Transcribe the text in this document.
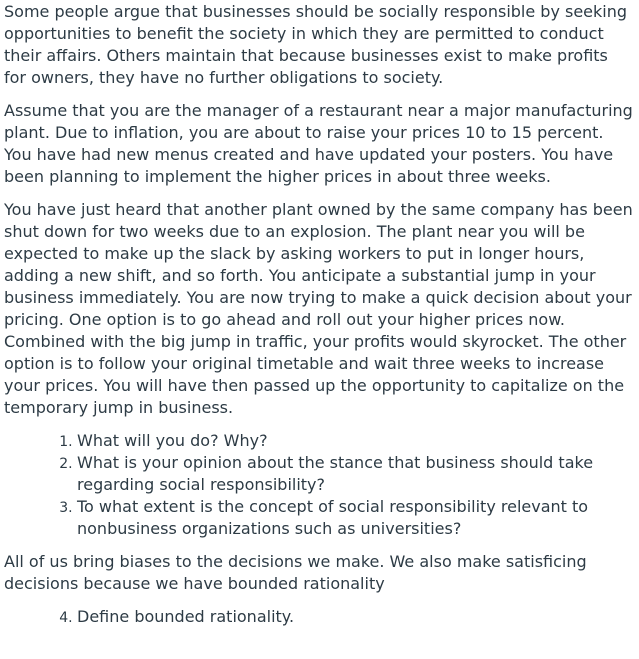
Some people argue that businesses should be socially responsible by seeking opportunities to benefit the society in which they are permitted to conduct their affairs. Others maintain that because businesses exist to make profits for owners, they have no further obligations to society.

Assume that you are the manager of a restaurant near a major manufacturing plant. Due to inflation, you are about to raise your prices 10 to 15 percent. You have had new menus created and have updated your posters. You have been planning to implement the higher prices in about three weeks.

You have just heard that another plant owned by the same company has been shut down for two weeks due to an explosion. The plant near you will be expected to make up the slack by asking workers to put in longer hours, adding a new shift, and so forth. You anticipate a substantial jump in your business immediately. You are now trying to make a quick decision about your pricing. One option is to go ahead and roll out your higher prices now. Combined with the big jump in traffic, your profits would skyrocket. The other option is to follow your original timetable and wait three weeks to increase your prices. You will have then passed up the opportunity to capitalize on the temporary jump in business.

1. What will you do? Why?
2. What is your opinion about the stance that business should take regarding social responsibility?
3. To what extent is the concept of social responsibility relevant to nonbusiness organizations such as universities?

All of us bring biases to the decisions we make. We also make satisficing decisions because we have bounded rationality

4. Define bounded rationality.
